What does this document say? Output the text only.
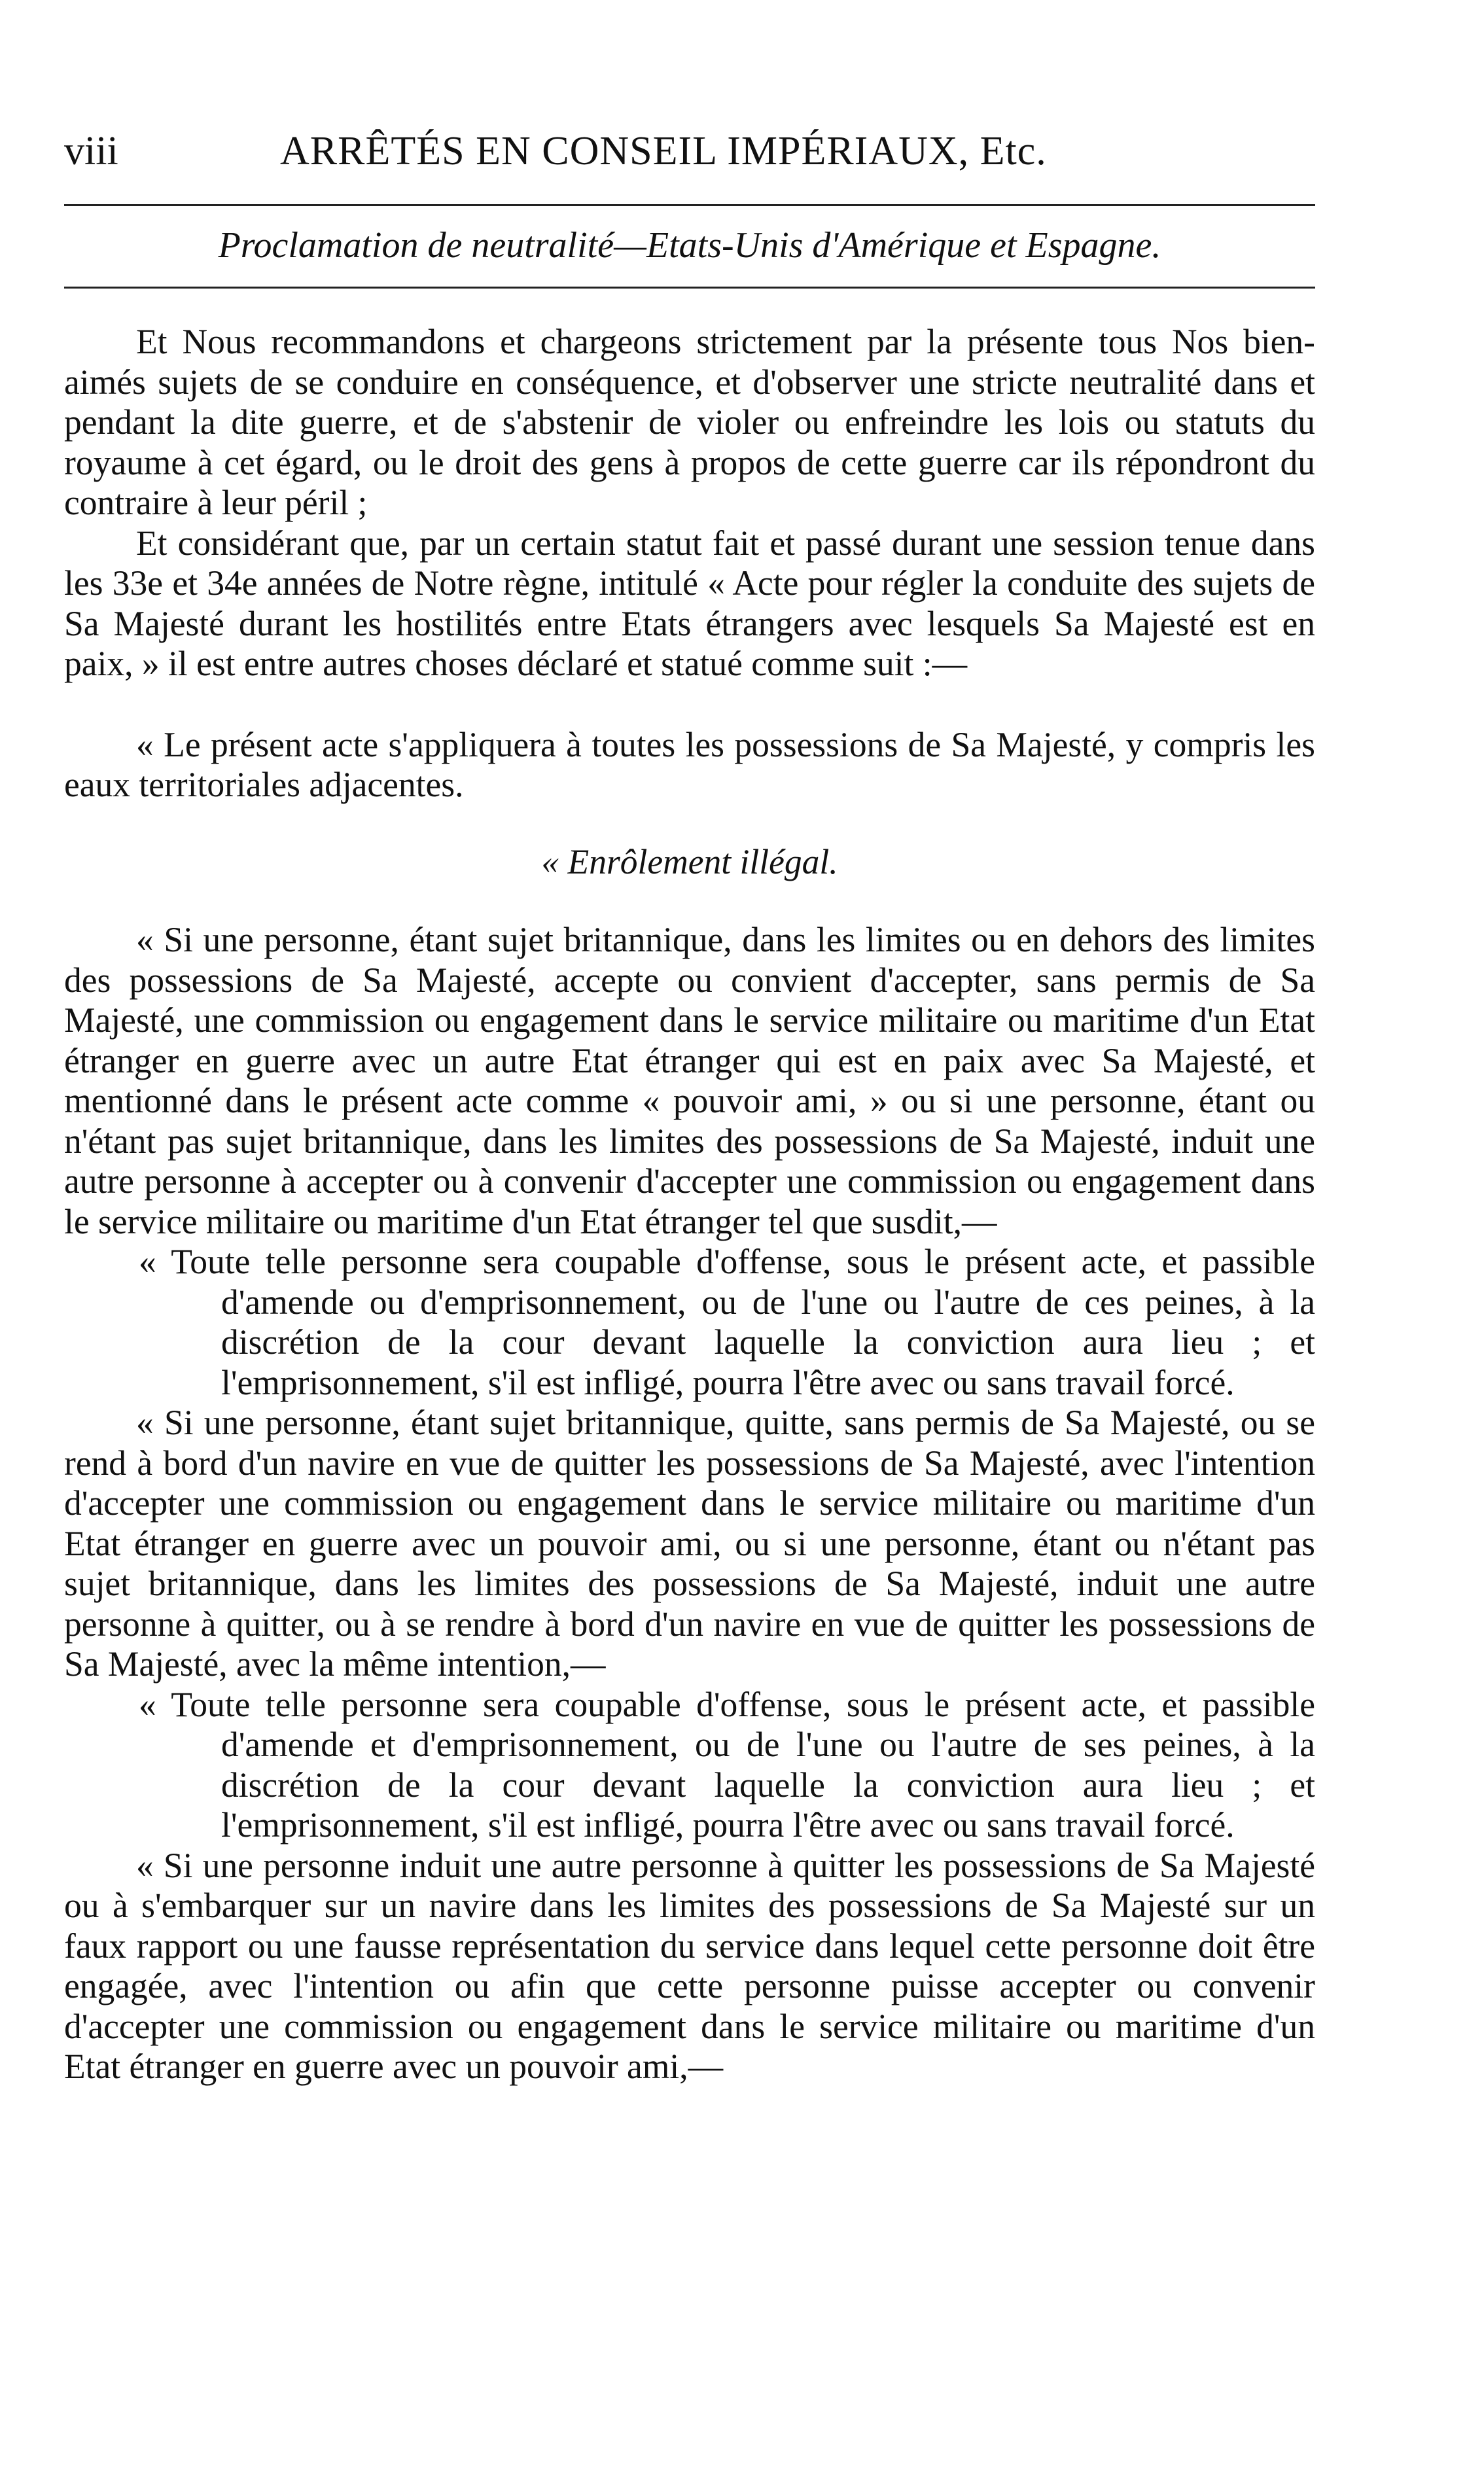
viii	ARRÊTÉS EN CONSEIL IMPÉRIAUX, Etc.
Proclamation de neutralité—Etats-Unis d'Amérique et Espagne.

Et Nous recommandons et chargeons strictement par la présente tous Nos bien-aimés sujets de se conduire en conséquence, et d'observer une stricte neutralité dans et pendant la dite guerre, et de s'abstenir de violer ou enfreindre les lois ou statuts du royaume à cet égard, ou le droit des gens à propos de cette guerre car ils répondront du contraire à leur péril ;

Et considérant que, par un certain statut fait et passé durant une session tenue dans les 33e et 34e années de Notre règne, intitulé « Acte pour régler la conduite des sujets de Sa Majesté durant les hostilités entre Etats étrangers avec lesquels Sa Majesté est en paix, » il est entre autres choses déclaré et statué comme suit :—

« Le présent acte s'appliquera à toutes les possessions de Sa Majesté, y compris les eaux territoriales adjacentes.

« Enrôlement illégal.

« Si une personne, étant sujet britannique, dans les limites ou en dehors des limites des possessions de Sa Majesté, accepte ou convient d'accepter, sans permis de Sa Majesté, une commission ou engagement dans le service militaire ou maritime d'un Etat étranger en guerre avec un autre Etat étranger qui est en paix avec Sa Majesté, et mentionné dans le présent acte comme « pouvoir ami, » ou si une personne, étant ou n'étant pas sujet britannique, dans les limites des possessions de Sa Majesté, induit une autre personne à accepter ou à convenir d'accepter une commission ou engagement dans le service militaire ou maritime d'un Etat étranger tel que susdit,—

« Toute telle personne sera coupable d'offense, sous le présent acte, et passible d'amende ou d'emprisonnement, ou de l'une ou l'autre de ces peines, à la discrétion de la cour devant laquelle la conviction aura lieu ; et l'emprisonnement, s'il est infligé, pourra l'être avec ou sans travail forcé.

« Si une personne, étant sujet britannique, quitte, sans permis de Sa Majesté, ou se rend à bord d'un navire en vue de quitter les possessions de Sa Majesté, avec l'intention d'accepter une commission ou engagement dans le service militaire ou maritime d'un Etat étranger en guerre avec un pouvoir ami, ou si une personne, étant ou n'étant pas sujet britannique, dans les limites des possessions de Sa Majesté, induit une autre personne à quitter, ou à se rendre à bord d'un navire en vue de quitter les possessions de Sa Majesté, avec la même intention,—

« Toute telle personne sera coupable d'offense, sous le présent acte, et passible d'amende et d'emprisonnement, ou de l'une ou l'autre de ses peines, à la discrétion de la cour devant laquelle la conviction aura lieu ; et l'emprisonnement, s'il est infligé, pourra l'être avec ou sans travail forcé.

« Si une personne induit une autre personne à quitter les possessions de Sa Majesté ou à s'embarquer sur un navire dans les limites des possessions de Sa Majesté sur un faux rapport ou une fausse représentation du service dans lequel cette personne doit être engagée, avec l'intention ou afin que cette personne puisse accepter ou convenir d'accepter une commission ou engagement dans le service militaire ou maritime d'un Etat étranger en guerre avec un pouvoir ami,—
